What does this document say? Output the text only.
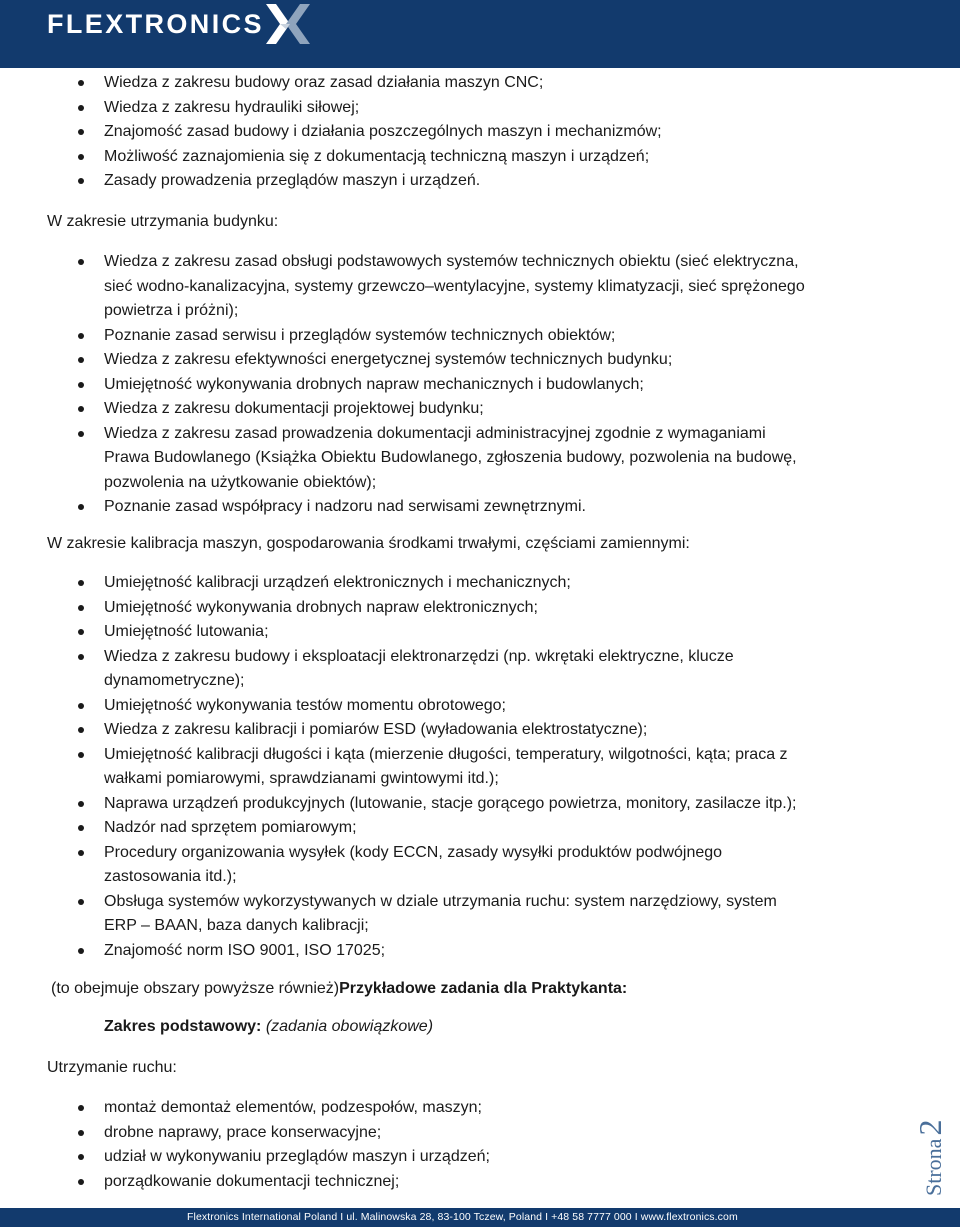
FLEXTRONICS
Wiedza z zakresu budowy oraz zasad działania maszyn CNC;
Wiedza z zakresu hydrauliki siłowej;
Znajomość zasad budowy i działania poszczególnych maszyn i mechanizmów;
Możliwość zaznajomienia się z dokumentacją techniczną maszyn i urządzeń;
Zasady prowadzenia przeglądów maszyn i urządzeń.
W zakresie utrzymania budynku:
Wiedza z zakresu zasad obsługi podstawowych systemów technicznych obiektu (sieć elektryczna,
sieć wodno-kanalizacyjna, systemy grzewczo–wentylacyjne, systemy klimatyzacji, sieć sprężonego
powietrza i próżni);
Poznanie zasad serwisu i przeglądów systemów technicznych obiektów;
Wiedza z zakresu efektywności energetycznej systemów technicznych budynku;
Umiejętność wykonywania drobnych napraw mechanicznych i budowlanych;
Wiedza z zakresu dokumentacji projektowej budynku;
Wiedza z zakresu zasad prowadzenia dokumentacji administracyjnej zgodnie z wymaganiami
Prawa Budowlanego (Książka Obiektu Budowlanego, zgłoszenia budowy, pozwolenia na budowę,
pozwolenia na użytkowanie obiektów);
Poznanie zasad współpracy i nadzoru nad serwisami zewnętrznymi.
W zakresie kalibracja maszyn, gospodarowania środkami trwałymi, częściami zamiennymi:
Umiejętność kalibracji urządzeń elektronicznych i mechanicznych;
Umiejętność wykonywania drobnych napraw elektronicznych;
Umiejętność lutowania;
Wiedza z zakresu budowy i eksploatacji elektronarzędzi (np. wkrętaki elektryczne, klucze
dynamometryczne);
Umiejętność wykonywania testów momentu obrotowego;
Wiedza z zakresu kalibracji i pomiarów ESD (wyładowania elektrostatyczne);
Umiejętność kalibracji długości i kąta (mierzenie długości, temperatury, wilgotności, kąta; praca z
wałkami pomiarowymi, sprawdzianami gwintowymi itd.);
Naprawa urządzeń produkcyjnych (lutowanie, stacje gorącego powietrza, monitory, zasilacze itp.);
Nadzór nad sprzętem pomiarowym;
Procedury organizowania wysyłek (kody ECCN, zasady wysyłki produktów podwójnego
zastosowania itd.);
Obsługa systemów wykorzystywanych w dziale utrzymania ruchu: system narzędziowy, system
ERP – BAAN, baza danych kalibracji;
Znajomość norm ISO 9001, ISO 17025;
(to obejmuje obszary powyższe również)Przykładowe zadania dla Praktykanta:
Zakres podstawowy: (zadania obowiązkowe)
Utrzymanie ruchu:
montaż demontaż elementów, podzespołów, maszyn;
drobne naprawy, prace konserwacyjne;
udział w wykonywaniu przeglądów maszyn i urządzeń;
porządkowanie dokumentacji technicznej;	Strona2
Flextronics International Poland I ul. Malinowska 28, 83-100 Tczew, Poland I +48 58 7777 000 I www.flextronics.com
